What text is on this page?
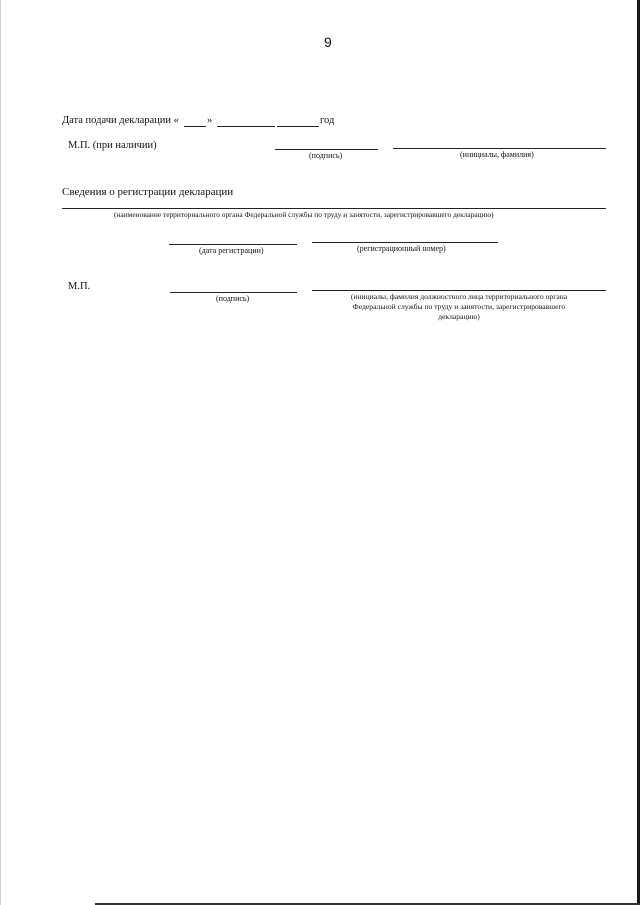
9
Дата подачи декларации «	»	год
М.П. (при наличии)
(подпись)	(инициалы, фамилия)
Сведения о регистрации декларации
(наименование территориального органа Федеральной службы по труду и занятости, зарегистрировавшего декларацию)
(дата регистрации)	(регистрационный номер)
М.П.
(подпись)	(инициалы, фамилия должностного лица территориального органа
Федеральной службы по труду и занятости, зарегистрировавшего
декларацию)
